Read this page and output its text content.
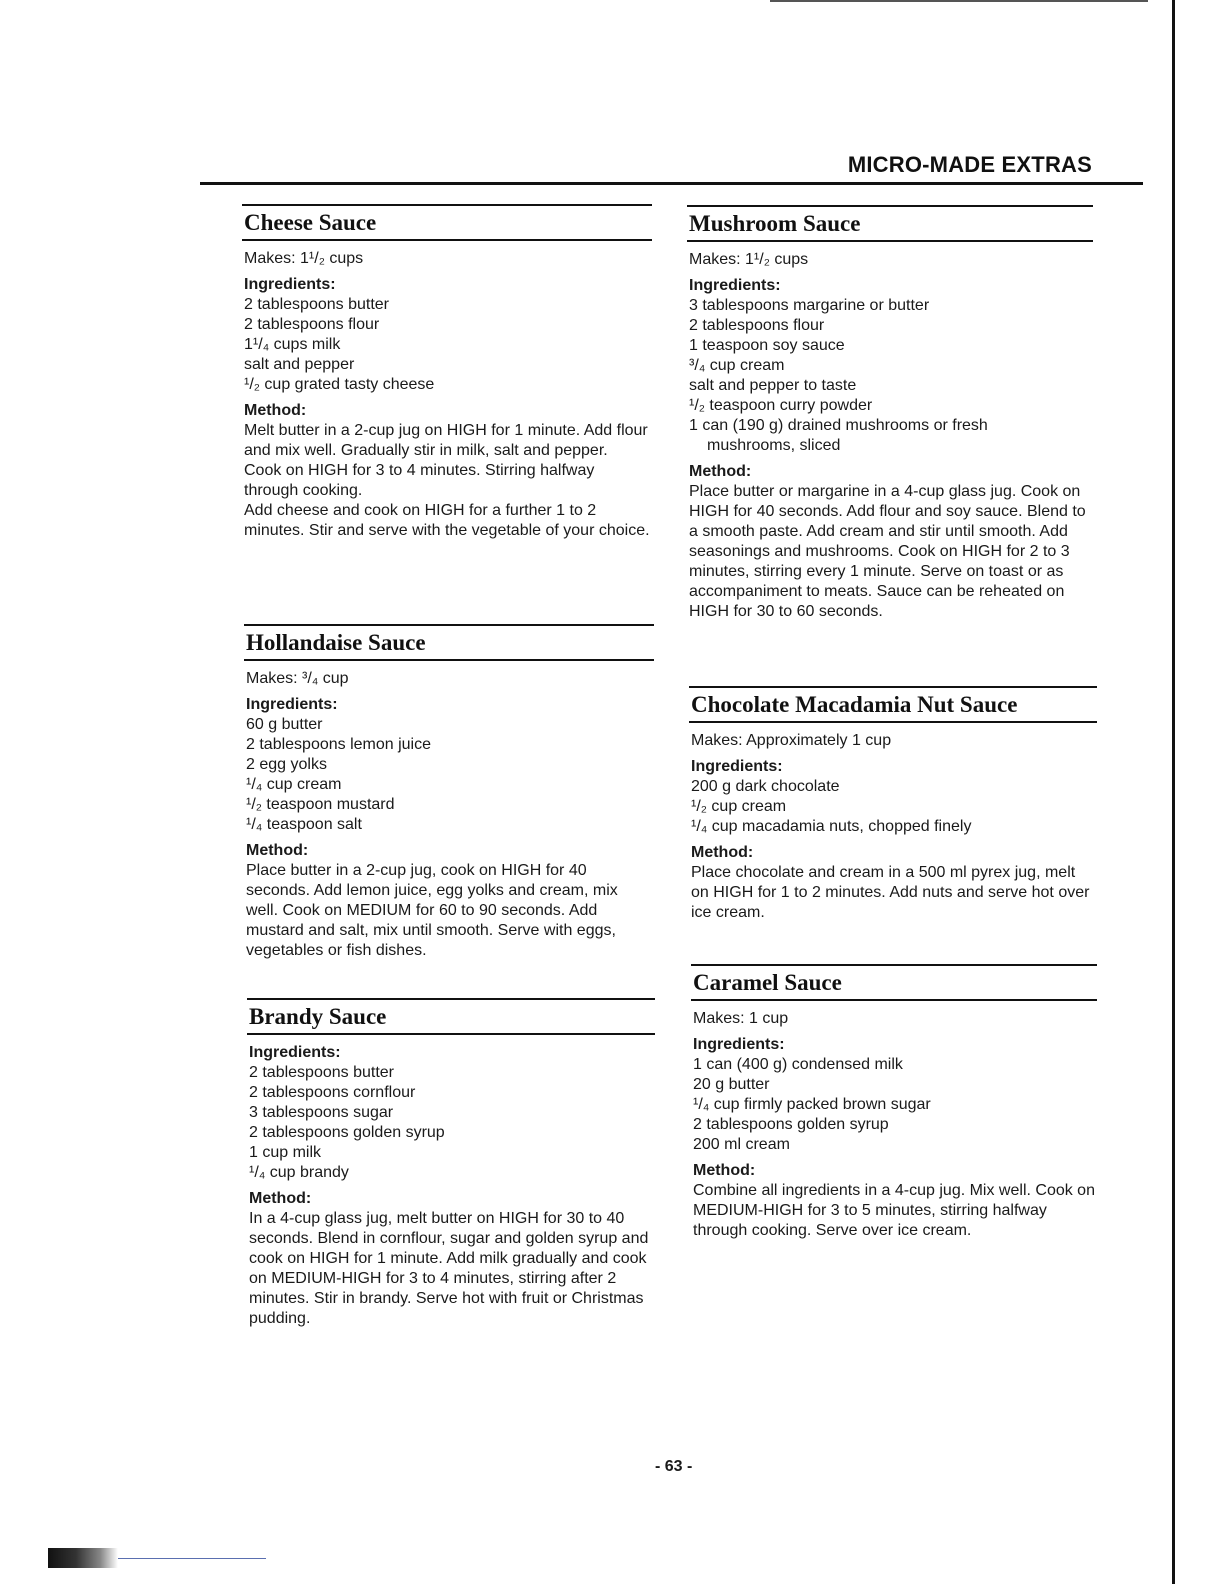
MICRO-MADE EXTRAS
Cheese Sauce
Makes: 1¹/₂ cups
Ingredients:
2 tablespoons butter
2 tablespoons flour
1¹/₄ cups milk
salt and pepper
¹/₂ cup grated tasty cheese
Method:

Melt butter in a 2-cup jug on HIGH for 1 minute. Add flour and mix well. Gradually stir in milk, salt and pepper.

Cook on HIGH for 3 to 4 minutes. Stirring halfway through cooking.

Add cheese and cook on HIGH for a further 1 to 2 minutes. Stir and serve with the vegetable of your choice.

Hollandaise Sauce
Makes: ³/₄ cup
Ingredients:
60 g butter
2 tablespoons lemon juice
2 egg yolks
¹/₄ cup cream
¹/₂ teaspoon mustard
¹/₄ teaspoon salt
Method:

Place butter in a 2-cup jug, cook on HIGH for 40 seconds. Add lemon juice, egg yolks and cream, mix well. Cook on MEDIUM for 60 to 90 seconds. Add mustard and salt, mix until smooth. Serve with eggs, vegetables or fish dishes.

Brandy Sauce
Ingredients:
2 tablespoons butter
2 tablespoons cornflour
3 tablespoons sugar
2 tablespoons golden syrup
1 cup milk
¹/₄ cup brandy
Method:

In a 4-cup glass jug, melt butter on HIGH for 30 to 40 seconds. Blend in cornflour, sugar and golden syrup and cook on HIGH for 1 minute. Add milk gradually and cook on MEDIUM-HIGH for 3 to 4 minutes, stirring after 2 minutes. Stir in brandy. Serve hot with fruit or Christmas pudding.

Mushroom Sauce
Makes: 1¹/₂ cups
Ingredients:
3 tablespoons margarine or butter
2 tablespoons flour
1 teaspoon soy sauce
³/₄ cup cream
salt and pepper to taste
¹/₂ teaspoon curry powder
1 can (190 g) drained mushrooms or fresh
mushrooms, sliced
Method:

Place butter or margarine in a 4-cup glass jug. Cook on HIGH for 40 seconds. Add flour and soy sauce. Blend to a smooth paste. Add cream and stir until smooth. Add seasonings and mushrooms. Cook on HIGH for 2 to 3 minutes, stirring every 1 minute. Serve on toast or as accompaniment to meats. Sauce can be reheated on HIGH for 30 to 60 seconds.

Chocolate Macadamia Nut Sauce
Makes: Approximately 1 cup
Ingredients:
200 g dark chocolate
¹/₂ cup cream
¹/₄ cup macadamia nuts, chopped finely
Method:

Place chocolate and cream in a 500 ml pyrex jug, melt on HIGH for 1 to 2 minutes. Add nuts and serve hot over ice cream.

Caramel Sauce
Makes: 1 cup
Ingredients:
1 can (400 g) condensed milk
20 g butter
¹/₄ cup firmly packed brown sugar
2 tablespoons golden syrup
200 ml cream
Method:

Combine all ingredients in a 4-cup jug. Mix well. Cook on MEDIUM-HIGH for 3 to 5 minutes, stirring halfway through cooking. Serve over ice cream.

- 63 -
